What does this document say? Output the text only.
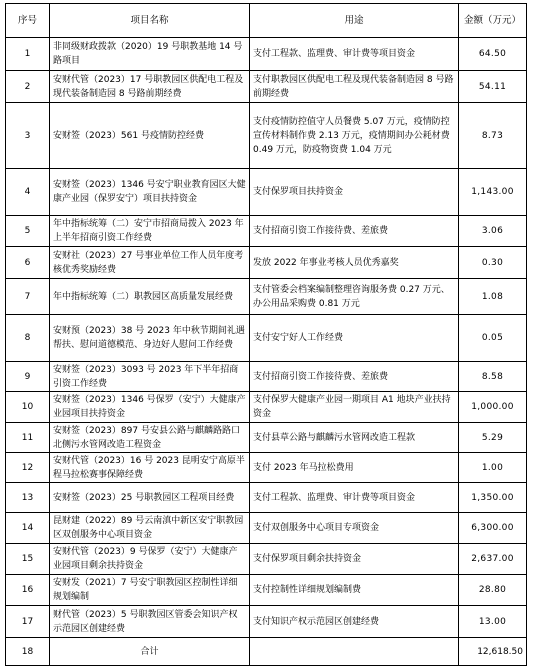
序号	项目名称	用途	金额（万元）
1	非同级财政拨款（2020）19 号职教基地 14 号路项目	支付工程款、监理费、审计费等项目资金	64.50
2	安财代管（2023）17 号职教园区供配电工程及现代装备制造园 8 号路前期经费	支付职教园区供配电工程及现代装备制造园 8 号路前期经费	54.11
3	安财签（2023）561 号疫情防控经费	支付疫情防控值守人员餐费 5.07 万元，疫情防控宣传材料制作费 2.13 万元，疫情期间办公耗材费 0.49 万元，防疫物资费 1.04 万元	8.73
4	安财签（2023）1346 号安宁职业教育园区大健康产业园（保罗安宁）项目扶持资金	支付保罗项目扶持资金	1,143.00
5	年中指标统筹（二）安宁市招商局拨入 2023 年上半年招商引资工作经费	支付招商引资工作接待费、差旅费	3.06
6	安财社（2023）27 号事业单位工作人员年度考核优秀奖励经费	发放 2022 年事业考核人员优秀嘉奖	0.30
7	年中指标统筹（二）职教园区高质量发展经费	支付管委会档案编制整理咨询服务费 0.27 万元、办公用品采购费 0.81 万元	1.08
8	安财预（2023）38 号 2023 年中秋节期间礼遇帮扶、慰问道德模范、身边好人慰问工作经费	支付安宁好人工作经费	0.05
9	安财签（2023）3093 号 2023 年下半年招商引资工作经费	支付招商引资工作接待费、差旅费	8.58
10	安财签（2023）1346 号保罗（安宁）大健康产业园项目扶持资金	支付保罗大健康产业园一期项目 A1 地块产业扶持资金	1,000.00
11	安财签（2023）897 号安县公路与麒麟路路口北侧污水管网改造工程资金	支付县草公路与麒麟污水管网改造工程款	5.29
12	安财代管（2023）16 号 2023 昆明安宁高原半程马拉松赛事保障经费	支付 2023 年马拉松费用	1.00
13	安财签（2023）25 号职教园区工程项目经费	支付工程款、监理费、审计费等项目资金	1,350.00
14	昆财建（2022）89 号云南滇中新区安宁职教园区双创服务中心项目资金	支付双创服务中心项目专项资金	6,300.00
15	安财代管（2023）9 号保罗（安宁）大健康产业园项目剩余扶持资金	支付保罗项目剩余扶持资金	2,637.00
16	安财发（2021）7 号安宁职教园区控制性详细规划编制	支付控制性详细规划编制费	28.80
17	财代管（2023）5 号职教园区管委会知识产权示范园区创建经费	支付知识产权示范园区创建经费	13.00
18	合计		12,618.50
